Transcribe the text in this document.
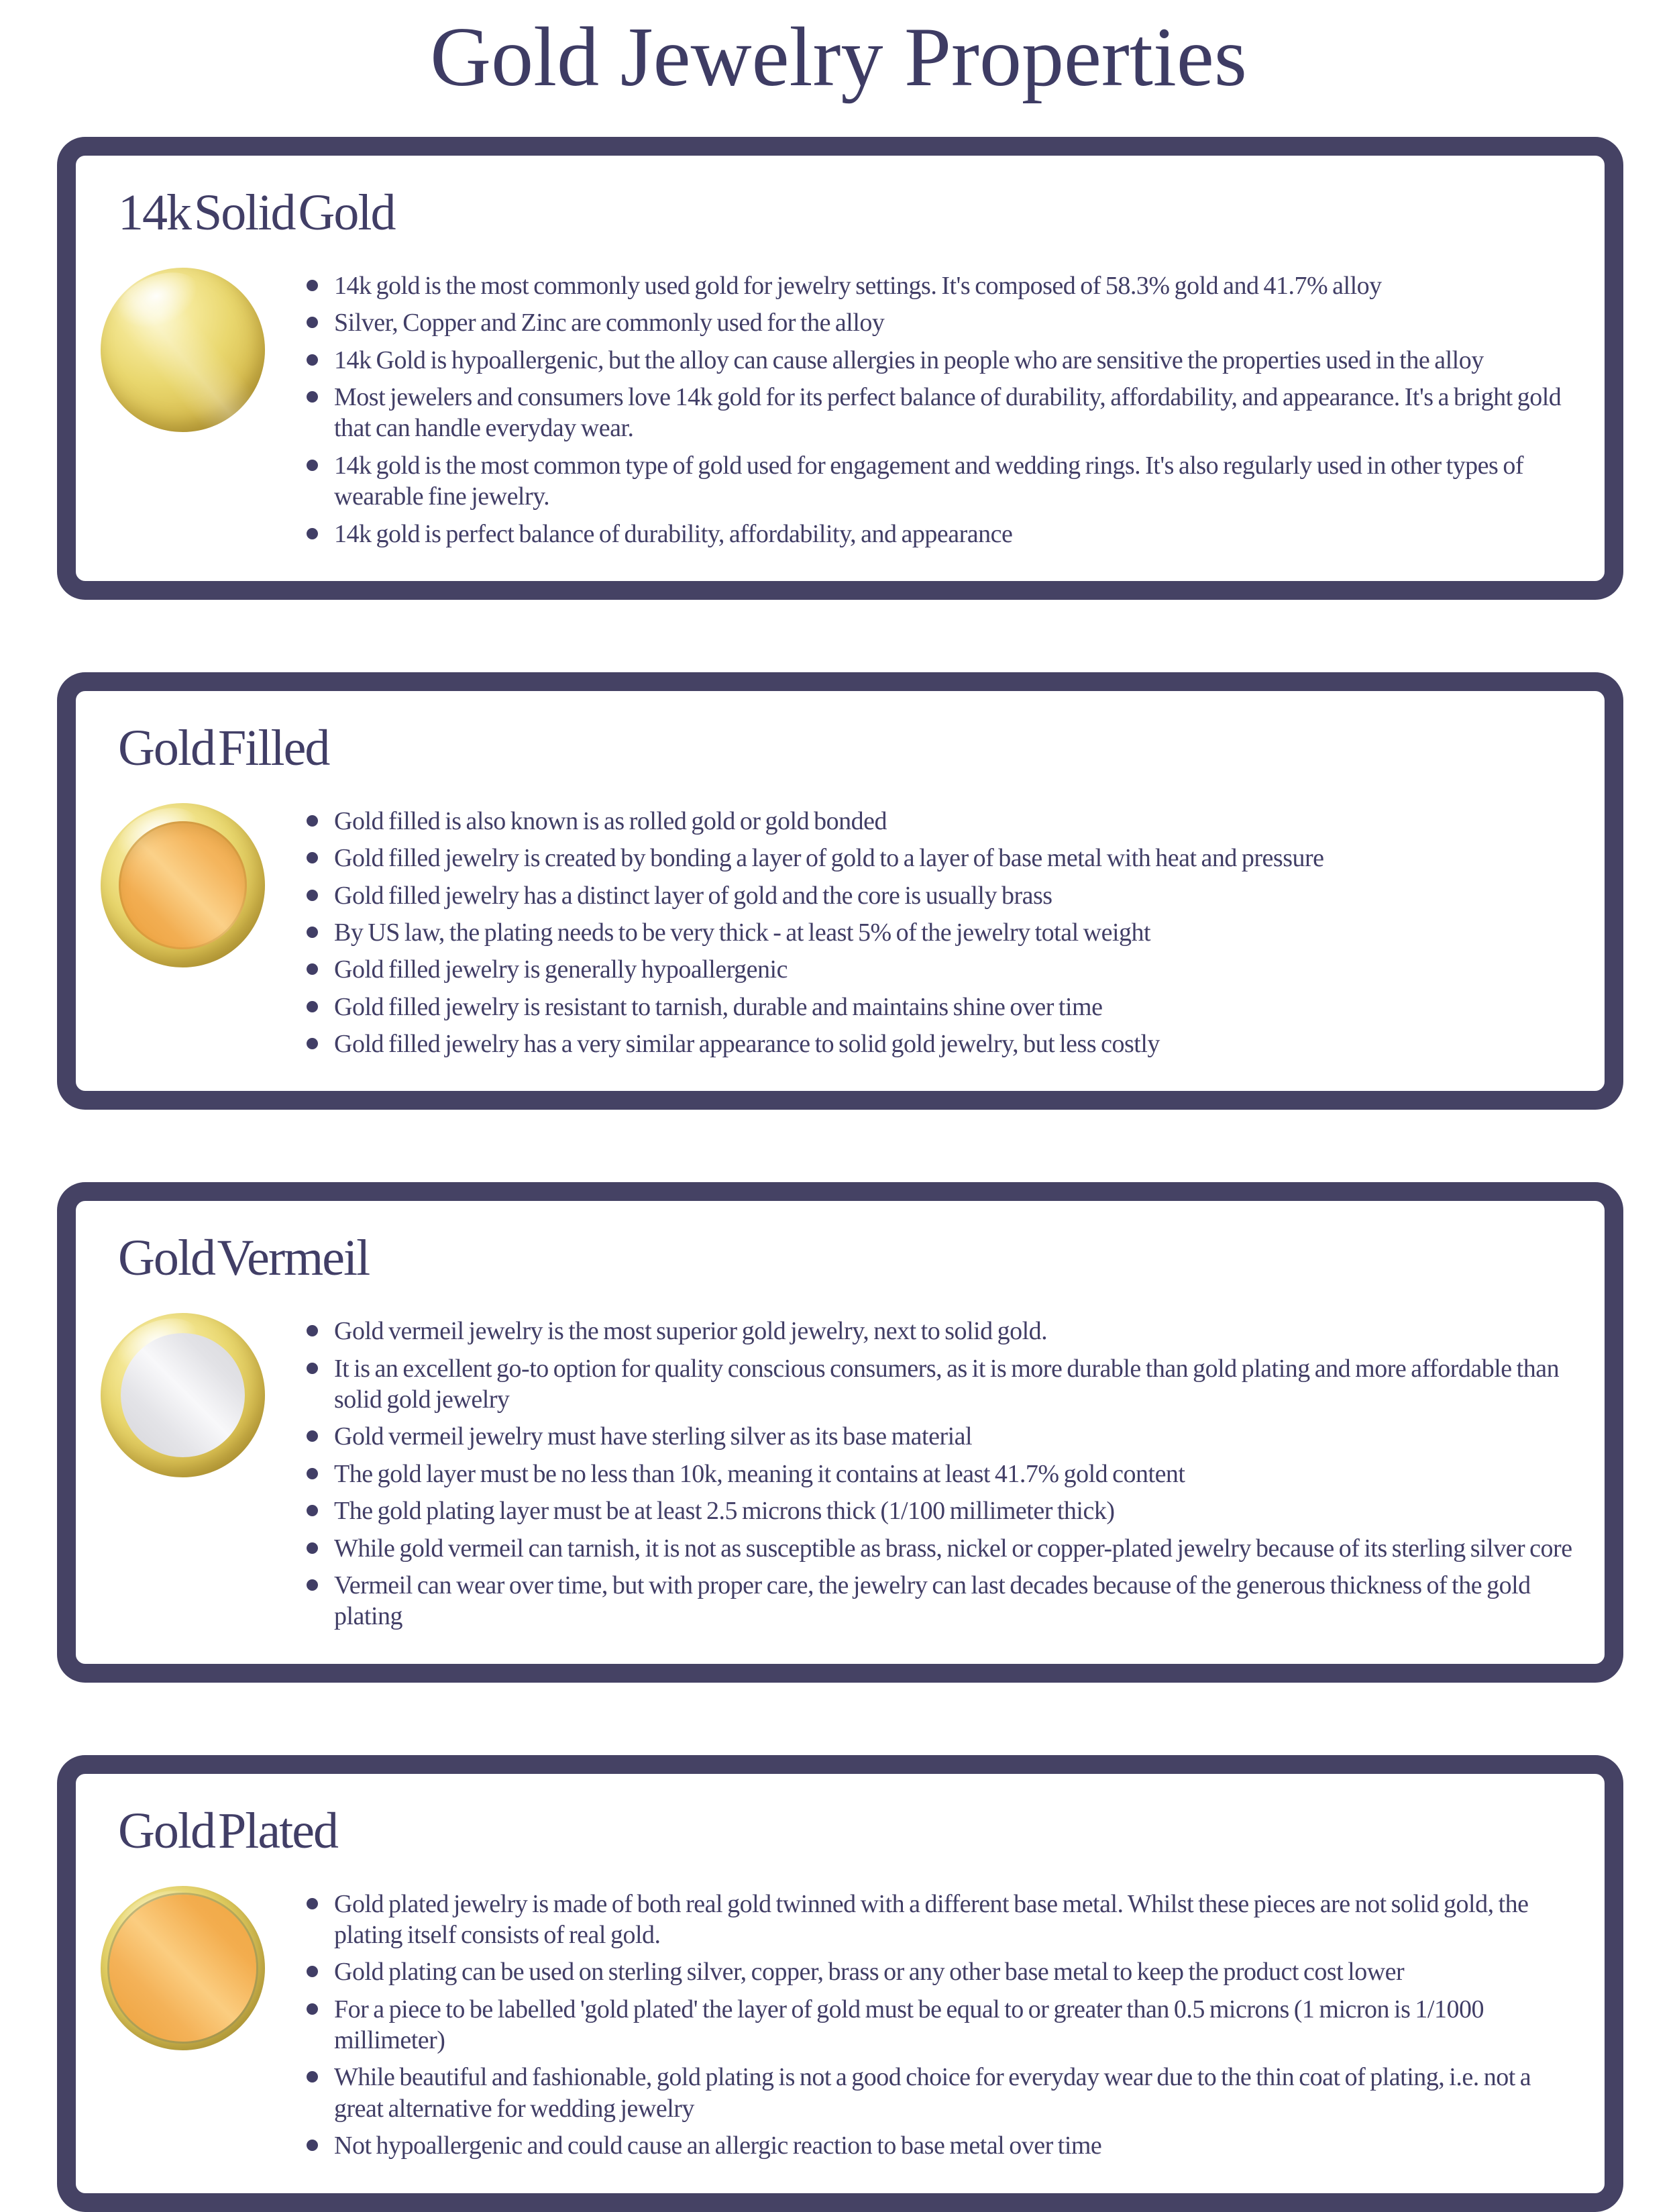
Gold Jewelry Properties
14k Solid Gold
14k gold is the most commonly used gold for jewelry settings. It's composed of 58.3% gold and 41.7% alloy
Silver, Copper and Zinc are commonly used for the alloy
14k Gold is hypoallergenic, but the alloy can cause allergies in people who are sensitive the properties used in the alloy
Most jewelers and consumers love 14k gold for its perfect balance of durability, affordability, and appearance. It's a bright gold that can handle everyday wear.
14k gold is the most common type of gold used for engagement and wedding rings. It's also regularly used in other types of wearable fine jewelry.
14k gold is perfect balance of durability, affordability, and appearance
Gold Filled
Gold filled is also known is as rolled gold or gold bonded
Gold filled jewelry is created by bonding a layer of gold to a layer of base metal with heat and pressure
Gold filled jewelry has a distinct layer of gold and the core is usually brass
By US law, the plating needs to be very thick - at least 5% of the jewelry total weight
Gold filled jewelry is generally hypoallergenic
Gold filled jewelry is resistant to tarnish, durable and maintains shine over time
Gold filled jewelry has a very similar appearance to solid gold jewelry, but less costly
Gold Vermeil
Gold vermeil jewelry is the most superior gold jewelry, next to solid gold.
It is an excellent go-to option for quality conscious consumers, as it is more durable than gold plating and more affordable than solid gold jewelry
Gold vermeil jewelry must have sterling silver as its base material
The gold layer must be no less than 10k, meaning it contains at least 41.7% gold content
The gold plating layer must be at least 2.5 microns thick (1/100 millimeter thick)
While gold vermeil can tarnish, it is not as susceptible as brass, nickel or copper-plated jewelry because of its sterling silver core
Vermeil can wear over time, but with proper care, the jewelry can last decades because of the generous thickness of the gold plating
Gold Plated
Gold plated jewelry is made of both real gold twinned with a different base metal. Whilst these pieces are not solid gold, the plating itself consists of real gold.
Gold plating can be used on sterling silver, copper, brass or any other base metal to keep the product cost lower
For a piece to be labelled 'gold plated' the layer of gold must be equal to or greater than 0.5 microns (1 micron is 1/1000 millimeter)
While beautiful and fashionable, gold plating is not a good choice for everyday wear due to the thin coat of plating, i.e. not a great alternative for wedding jewelry
Not hypoallergenic and could cause an allergic reaction to base metal over time
